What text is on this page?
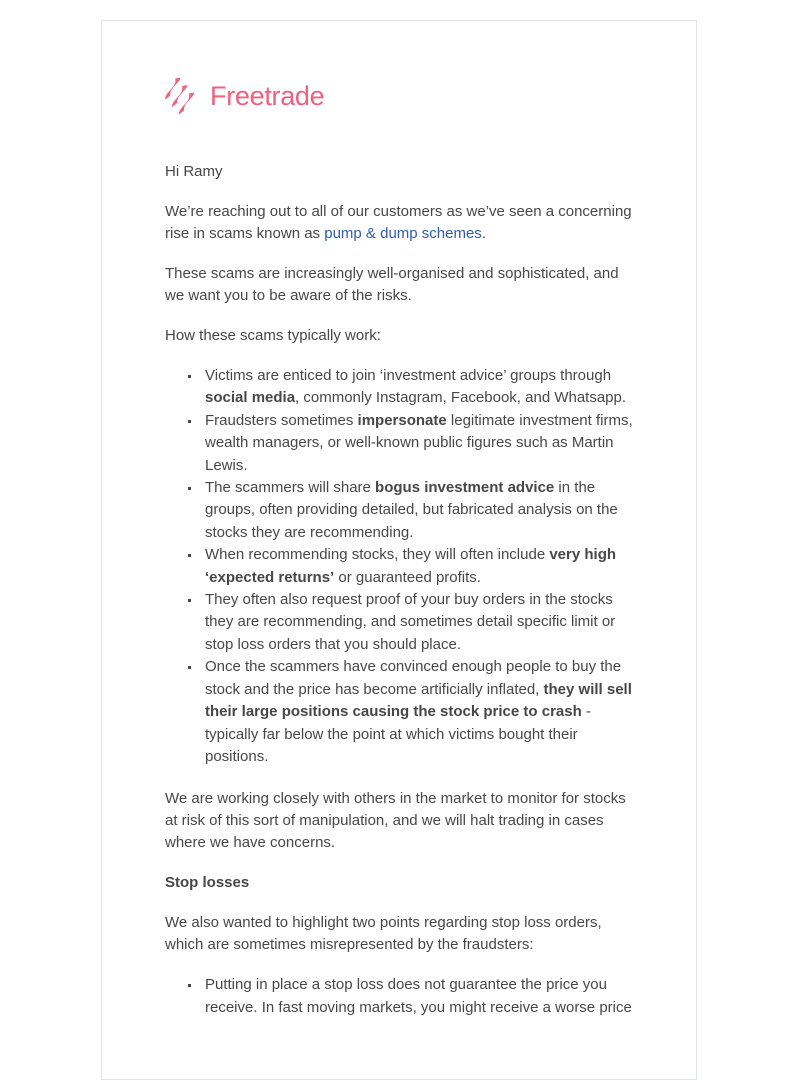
Freetrade

Hi Ramy

We’re reaching out to all of our customers as we’ve seen a concerning rise in scams known as pump & dump schemes.

These scams are increasingly well-organised and sophisticated, and we want you to be aware of the risks.

How these scams typically work:

Victims are enticed to join ‘investment advice’ groups through social media, commonly Instagram, Facebook, and Whatsapp.
Fraudsters sometimes impersonate legitimate investment firms, wealth managers, or well-known public figures such as Martin Lewis.
The scammers will share bogus investment advice in the groups, often providing detailed, but fabricated analysis on the stocks they are recommending.
When recommending stocks, they will often include very high ‘expected returns’ or guaranteed profits.
They often also request proof of your buy orders in the stocks they are recommending, and sometimes detail specific limit or stop loss orders that you should place.
Once the scammers have convinced enough people to buy the stock and the price has become artificially inflated, they will sell their large positions causing the stock price to crash - typically far below the point at which victims bought their positions.

We are working closely with others in the market to monitor for stocks at risk of this sort of manipulation, and we will halt trading in cases where we have concerns.

Stop losses

We also wanted to highlight two points regarding stop loss orders, which are sometimes misrepresented by the fraudsters:

Putting in place a stop loss does not guarantee the price you receive. In fast moving markets, you might receive a worse price
